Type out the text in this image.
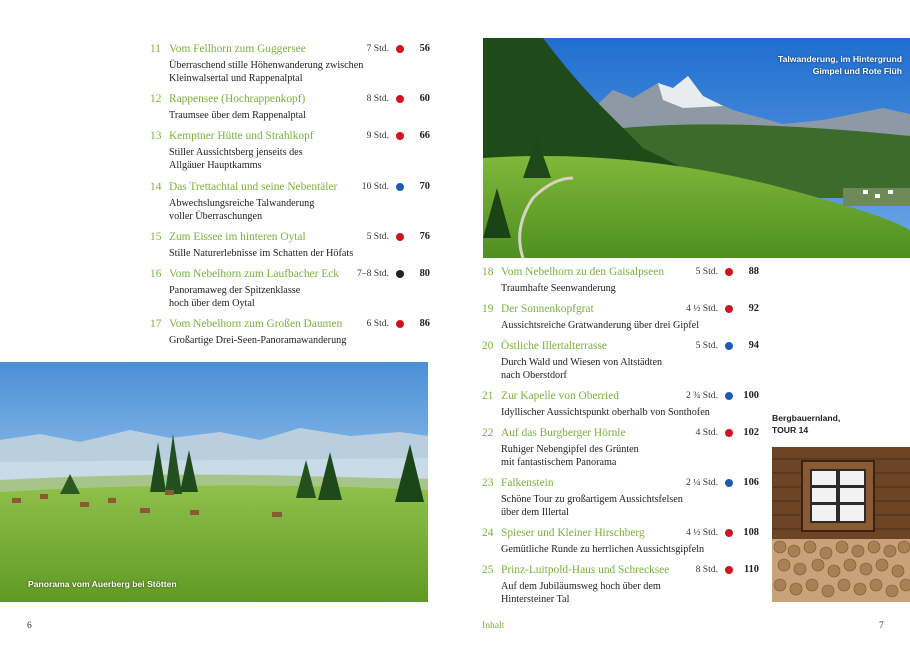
11 Vom Fellhorn zum Guggersee	7 Std.	56
Überraschend stille Höhenwanderung zwischen
Kleinwalsertal und Rappenalptal
12 Rappensee (Hochrappenkopf)	8 Std.	60
Traumsee über dem Rappenalptal
13 Kemptner Hütte und Strahlkopf	9 Std.	66
Stiller Aussichtsberg jenseits des
Allgäuer Hauptkamms
14 Das Trettachtal und seine Nebentäler	10 Std.	70
Abwechslungsreiche Talwanderung
voller Überraschungen
15 Zum Eissee im hinteren Oytal	5 Std.	76
Stille Naturerlebnisse im Schatten der Höfats
16 Vom Nebelhorn zum Laufbacher Eck 7–8 Std.	80
Panoramaweg der Spitzenklasse
hoch über dem Oytal
17 Vom Nebelhorn zum Großen Daumen	6 Std.	86
Großartige Drei-Seen-Panoramawanderung
Panorama vom Auerberg bei Stötten
6
Talwanderung, im Hintergrund
Gimpel und Rote Flüh
18 Vom Nebelhorn zu den Gaisalpseen	5 Std.	88
Traumhafte Seenwanderung
19 Der Sonnenkopfgrat	4 ½ Std.	92
Aussichtsreiche Gratwanderung über drei Gipfel
20 Östliche Illertalterrasse	5 Std.	94
Durch Wald und Wiesen von Altstädten
nach Oberstdorf
21 Zur Kapelle von Oberried	2 ¾ Std.	100
Idyllischer Aussichtspunkt oberhalb von Sonthofen
22 Auf das Burgberger Hörnle	4 Std.	102
Ruhiger Nebengipfel des Grünten
mit fantastischem Panorama
23 Falkenstein	2 ¼ Std.	106
Schöne Tour zu großartigem Aussichtsfelsen
über dem Illertal
24 Spieser und Kleiner Hirschberg	4 ½ Std.	108
Gemütliche Runde zu herrlichen Aussichtsgipfeln
25 Prinz-Luitpold-Haus und Schrecksee	8 Std.	110
Auf dem Jubiläumsweg hoch über dem
Hintersteiner Tal
Bergbauernland,
TOUR 14
Inhalt	7
